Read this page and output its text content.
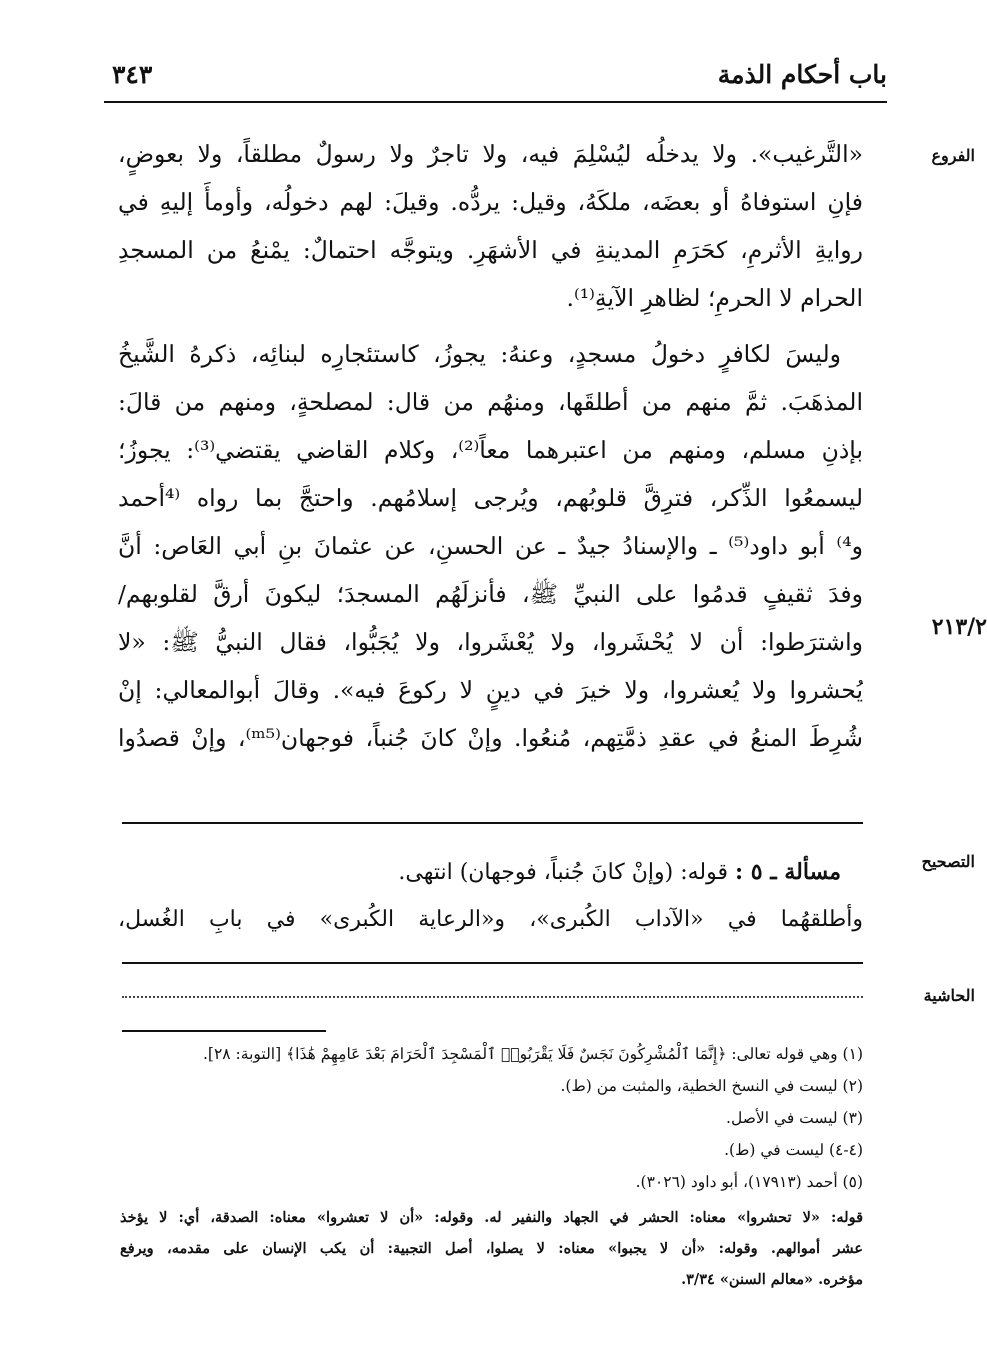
باب أحكام الذمة
٣٤٣
الفروع
٢١٣/٢
التصحيح
الحاشية
«التَّرغيب». ولا يدخلُه ليُسْلِمَ فيه، ولا تاجرٌ ولا رسولٌ مطلقاً، ولا بعوضٍ،
فإنِ استوفاهُ أو بعضَه، ملكَهُ، وقيل: يردُّه. وقيلَ: لهم دخولُه، وأومأَ إليهِ في
روايةِ الأثرمِ، كحَرَمِ المدينةِ في الأشهَرِ. ويتوجَّه احتمالٌ: يمْنعُ من المسجدِ
الحرام لا الحرمِ؛ لظاهرِ الآيةِ⁽¹⁾.
وليسَ لكافرٍ دخولُ مسجدٍ، وعنهُ: يجوزُ، كاستئجارِه لبنائِه، ذكرهُ الشَّيخُ
المذهَبَ. ثمَّ منهم من أطلقَها، ومنهُم من قال: لمصلحةٍ، ومنهم من قالَ:
بإذنِ مسلم، ومنهم من اعتبرهما معاً⁽²⁾، وكلام القاضي يقتضي⁽³⁾: يجوزُ؛
ليسمعُوا الذِّكر، فترِقَّ قلوبُهم، ويُرجى إسلامُهم. واحتجَّ بما رواه ⁽⁴أحمد
و⁴⁾ أبو داود⁽⁵⁾ ـ والإسنادُ جيدٌ ـ عن الحسنِ، عن عثمانَ بنِ أبي العَاص: أنَّ
وفدَ ثقيفٍ قدمُوا على النبيِّ ﷺ، فأنزلَهُم المسجدَ؛ ليكونَ أرقَّ لقلوبهم/
واشترَطوا: أن لا يُحْشَروا، ولا يُعْشَروا، ولا يُجَبُّوا، فقال النبيُّ ﷺ: «لا
يُحشروا ولا يُعشروا، ولا خيرَ في دينٍ لا ركوعَ فيه». وقالَ أبوالمعالي: إنْ
شُرِطَ المنعُ في عقدِ ذمَّتِهم، مُنعُوا. وإنْ كانَ جُنباً، فوجهان⁽ᵐ⁵⁾، وإنْ قصدُوا
مسألة ـ ٥ : قوله: (وإنْ كانَ جُنباً، فوجهان) انتهى.
وأطلقهُما في «الآداب الكُبرى»، و«الرعاية الكُبرى» في بابِ الغُسل،
(١) وهي قوله تعالى: ﴿إِنَّمَا ٱلْمُشْرِكُونَ نَجَسٌ فَلَا يَقْرَبُوا۟ ٱلْمَسْجِدَ ٱلْحَرَامَ بَعْدَ عَامِهِمْ هَٰذَا﴾ [التوبة: ٢٨].
(٢) ليست في النسخ الخطية، والمثبت من (ط).
(٣) ليست في الأصل.
(٤-٤) ليست في (ط).
(٥) أحمد (١٧٩١٣)، أبو داود (٣٠٢٦).
قوله: «لا تحشروا» معناه: الحشر في الجهاد والنفير له. وقوله: «أن لا تعشروا» معناه: الصدقة، أي: لا يؤخذ
عشر أموالهم. وقوله: «أن لا يجبوا» معناه: لا يصلوا، أصل التجبية: أن يكب الإنسان على مقدمه، ويرفع
مؤخره. «معالم السنن» ٣/٣٤.
